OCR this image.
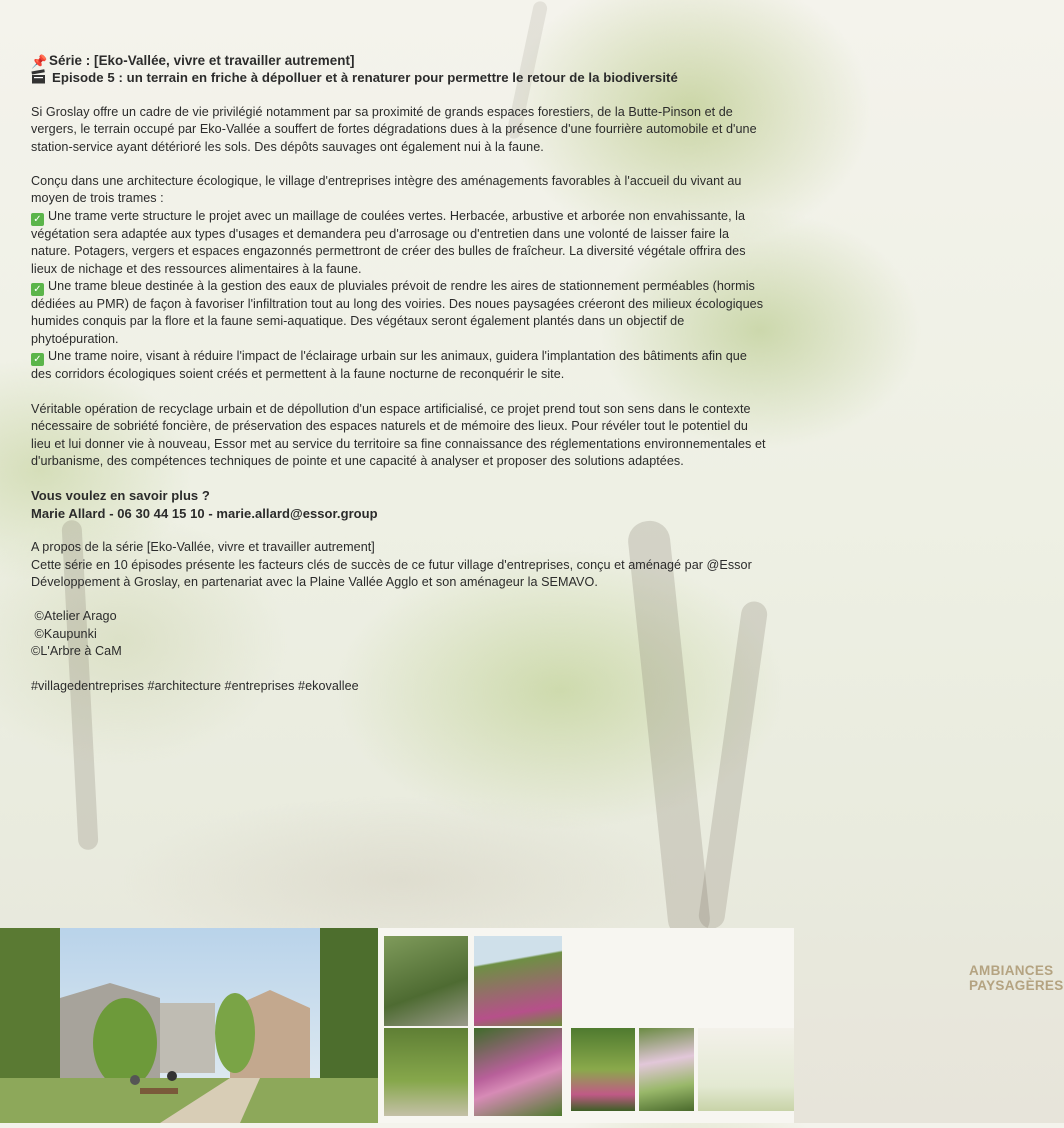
📌 Série : [Eko-Vallée, vivre et travailler autrement]

Episode 5 : un terrain en friche à dépolluer et à renaturer pour permettre le retour de la biodiversité

Si Groslay offre un cadre de vie privilégié notamment par sa proximité de grands espaces forestiers, de la Butte-Pinson et de vergers, le terrain occupé par Eko-Vallée a souffert de fortes dégradations dues à la présence d'une fourrière automobile et d'une station-service ayant détérioré les sols. Des dépôts sauvages ont également nui à la faune.

Conçu dans une architecture écologique, le village d'entreprises intègre des aménagements favorables à l'accueil du vivant au moyen de trois trames :

✓ Une trame verte structure le projet avec un maillage de coulées vertes. Herbacée, arbustive et arborée non envahissante, la végétation sera adaptée aux types d'usages et demandera peu d'arrosage ou d'entretien dans une volonté de laisser faire la nature. Potagers, vergers et espaces engazonnés permettront de créer des bulles de fraîcheur. La diversité végétale offrira des lieux de nichage et des ressources alimentaires à la faune.

✓ Une trame bleue destinée à la gestion des eaux de pluviales prévoit de rendre les aires de stationnement perméables (hormis dédiées au PMR) de façon à favoriser l'infiltration tout au long des voiries. Des noues paysagées créeront des milieux écologiques humides conquis par la flore et la faune semi-aquatique. Des végétaux seront également plantés dans un objectif de phytoépuration.

✓ Une trame noire, visant à réduire l'impact de l'éclairage urbain sur les animaux, guidera l'implantation des bâtiments afin que des corridors écologiques soient créés et permettent à la faune nocturne de reconquérir le site.

Véritable opération de recyclage urbain et de dépollution d'un espace artificialisé, ce projet prend tout son sens dans le contexte nécessaire de sobriété foncière, de préservation des espaces naturels et de mémoire des lieux. Pour révéler tout le potentiel du lieu et lui donner vie à nouveau, Essor met au service du territoire sa fine connaissance des réglementations environnementales et d'urbanisme, des compétences techniques de pointe et une capacité à analyser et proposer des solutions adaptées.

Vous voulez en savoir plus ?

Marie Allard - 06 30 44 15 10 - marie.allard@essor.group

A propos de la série [Eko-Vallée, vivre et travailler autrement]

Cette série en 10 épisodes présente les facteurs clés de succès de ce futur village d'entreprises, conçu et aménagé par @Essor Développement à Groslay, en partenariat avec la Plaine Vallée Agglo et son aménageur la SEMAVO.

©Atelier Arago

©Kaupunki

©L'Arbre à CaM

#villagedentreprises #architecture #entreprises #ekovallee

AMBIANCES PAYSAGÈRES
